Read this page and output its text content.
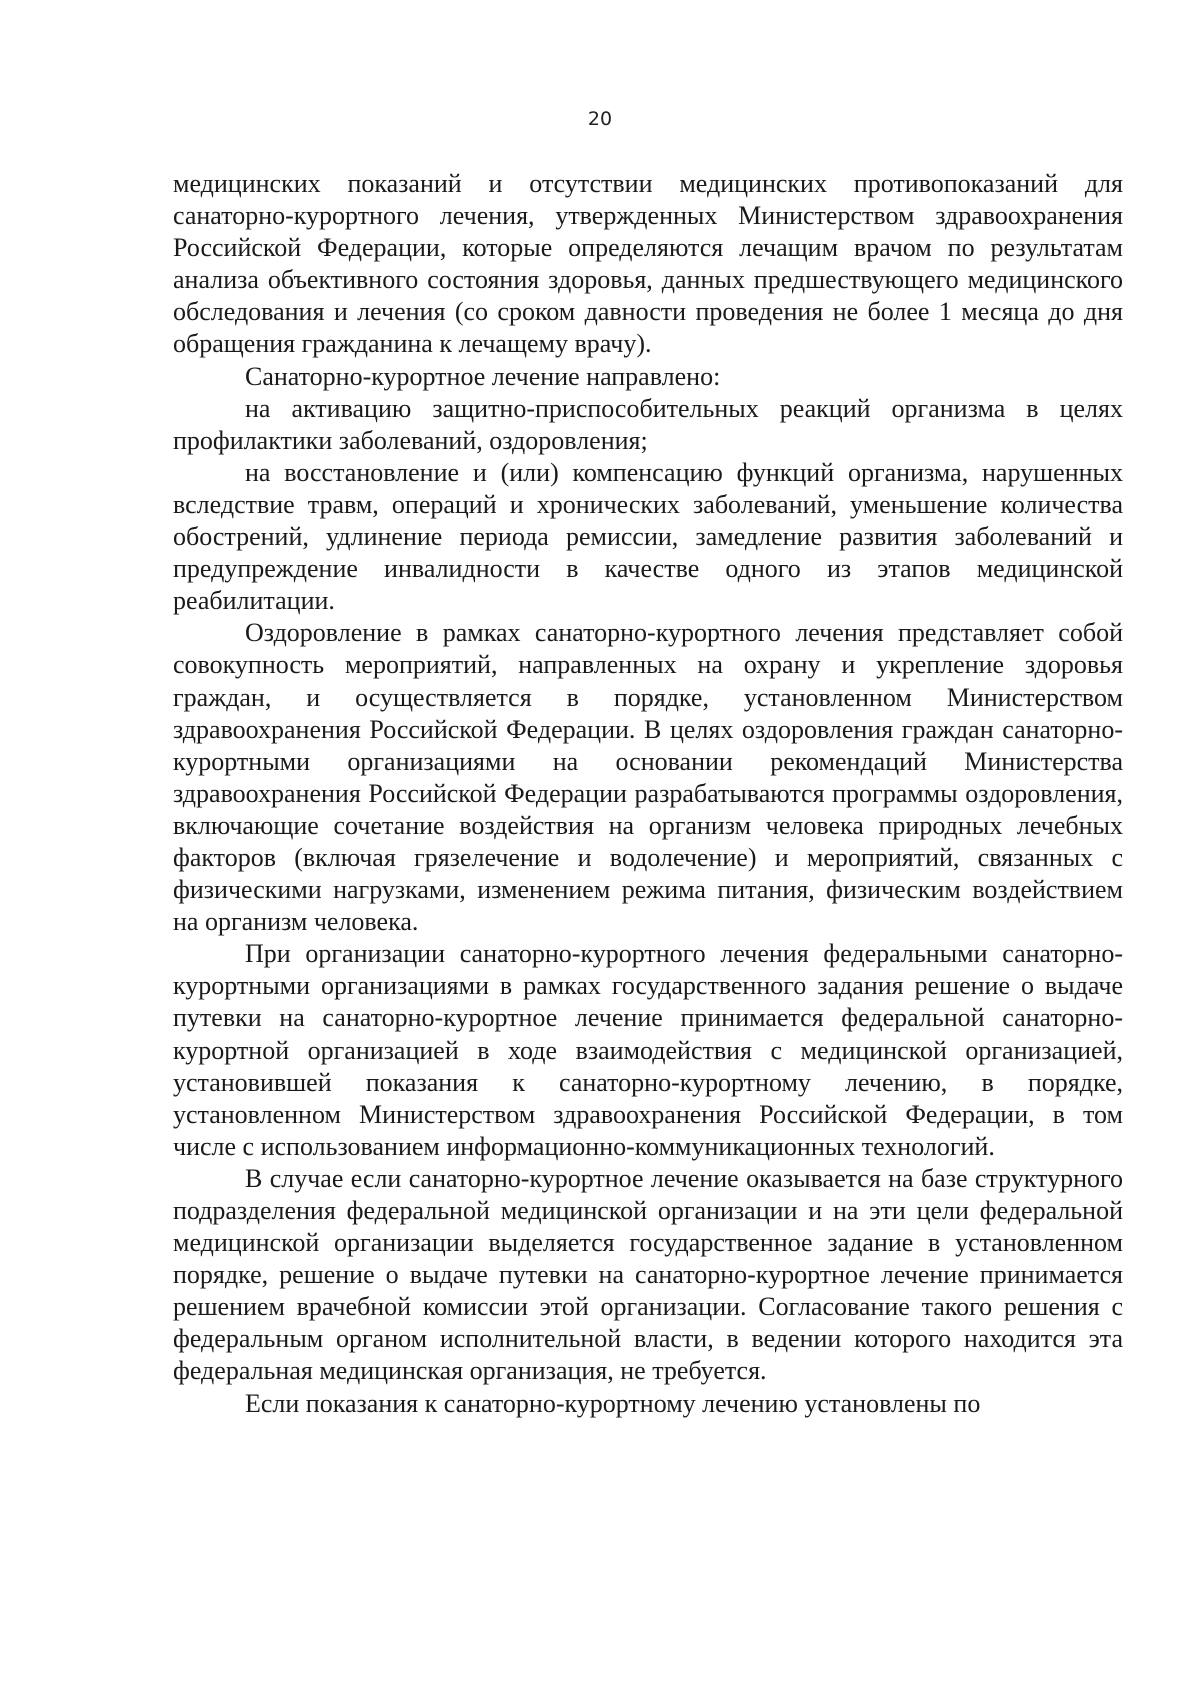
20

медицинских показаний и отсутствии медицинских противопоказаний для санаторно-курортного лечения, утвержденных Министерством здравоохранения Российской Федерации, которые определяются лечащим врачом по результатам анализа объективного состояния здоровья, данных предшествующего медицинского обследования и лечения (со сроком давности проведения не более 1 месяца до дня обращения гражданина к лечащему врачу).

Санаторно-курортное лечение направлено:

на активацию защитно-приспособительных реакций организма в целях профилактики заболеваний, оздоровления;

на восстановление и (или) компенсацию функций организма, нарушенных вследствие травм, операций и хронических заболеваний, уменьшение количества обострений, удлинение периода ремиссии, замедление развития заболеваний и предупреждение инвалидности в качестве одного из этапов медицинской реабилитации.

Оздоровление в рамках санаторно-курортного лечения представляет собой совокупность мероприятий, направленных на охрану и укрепление здоровья граждан, и осуществляется в порядке, установленном Министерством здравоохранения Российской Федерации. В целях оздоровления граждан санаторно-курортными организациями на основании рекомендаций Министерства здравоохранения Российской Федерации разрабатываются программы оздоровления, включающие сочетание воздействия на организм человека природных лечебных факторов (включая грязелечение и водолечение) и мероприятий, связанных с физическими нагрузками, изменением режима питания, физическим воздействием на организм человека.

При организации санаторно-курортного лечения федеральными санаторно-курортными организациями в рамках государственного задания решение о выдаче путевки на санаторно-курортное лечение принимается федеральной санаторно-курортной организацией в ходе взаимодействия с медицинской организацией, установившей показания к санаторно-курортному лечению, в порядке, установленном Министерством здравоохранения Российской Федерации, в том числе с использованием информационно-коммуникационных технологий.

В случае если санаторно-курортное лечение оказывается на базе структурного подразделения федеральной медицинской организации и на эти цели федеральной медицинской организации выделяется государственное задание в установленном порядке, решение о выдаче путевки на санаторно-курортное лечение принимается решением врачебной комиссии этой организации. Согласование такого решения с федеральным органом исполнительной власти, в ведении которого находится эта федеральная медицинская организация, не требуется.

Если показания к санаторно-курортному лечению установлены по
